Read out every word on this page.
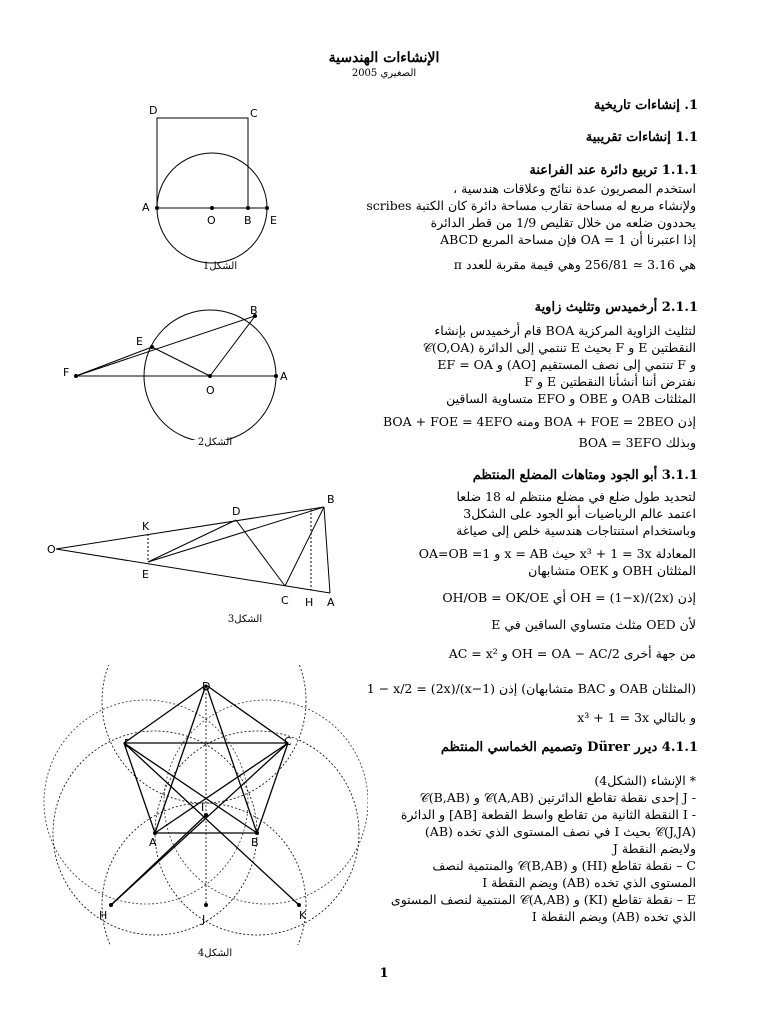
الإنشاءات الهندسية
الصغيري 2005
D	C
A
O	B E
الشكل1
B
E
F
O
A
الشكل2
K
B
D
O
E
C H A
الشكل3
D
E	C
I
A	B
H	J	K
الشكل4
1. إنشاءات تاريخية
1.1 إنشاءات تقريبية
1.1.1 تربيع دائرة عند الفراعنة
استخدم المصريون عدة نتائج وعلاقات هندسية ،
ولإنشاء مربع له مساحة تقارب مساحة دائرة كان الكتبة scribes
يحددون ضلعه من خلال تقليص 1/9 من قطر الدائرة
إذا اعتبرنا أن OA = 1 فإن مساحة المربع ABCD
هي 3.16 ≃ 256/81 وهي قيمة مقربة للعدد π
2.1.1 أرخميدس وتثليث زاوية
لتثليث الزاوية المركزية BOA قام أرخميدس بإنشاء
النقطتين E و F بحيث E تنتمي إلى الدائرة 𝒞(O,OA)
و F تنتمي إلى نصف المستقيم [AO) و EF = OA
نفترض أننا أنشأنا النقطتين E و F
المثلثات OAB و OBE و EFO متساوية الساقين
إذن BOA + FOE = 2BEO ومنه BOA + FOE = 4EFO
وبذلك BOA = 3EFO
3.1.1 أبو الجود ومتاهات المضلع المنتظم
لتحديد طول ضلع في مضلع منتظم له 18 ضلعا
اعتمد عالم الرياضيات أبو الجود على الشكل3
وباستخدام استنتاجات هندسية خلص إلى صياغة
المعادلة x³ + 1 = 3x حيث x = AB و OA=OB =1
المثلثان OBH و OEK متشابهان
إذن OH = (1−x)/(2x) أي OH/OB = OK/OE
لأن OED مثلث متساوي الساقين في E
من جهة أخرى OH = OA − AC/2 و AC = x²
(المثلثان OAB و BAC متشابهان) إذن (1−x)/(2x) = 1 − x/2
و بالتالي x³ + 1 = 3x
4.1.1 ديرر Dürer وتصميم الخماسي المنتظم
* الإنشاء (الشكل4)
- J إحدى نقطة تقاطع الدائرتين 𝒞(A,AB) و 𝒞(B,AB)
- I النقطة الثانية من تقاطع واسط القطعة [AB] و الدائرة
𝒞(J,JA) بحيث I في نصف المستوى الذي تخده (AB)
ولايضم النقطة J
C – نقطة تقاطع (HI) و 𝒞(B,AB) والمنتمية لنصف
المستوى الذي تخده (AB) ويضم النقطة I
E – نقطة تقاطع (KI) و 𝒞(A,AB) المنتمية لنصف المستوى
الذي تخده (AB) ويضم النقطة I
1
